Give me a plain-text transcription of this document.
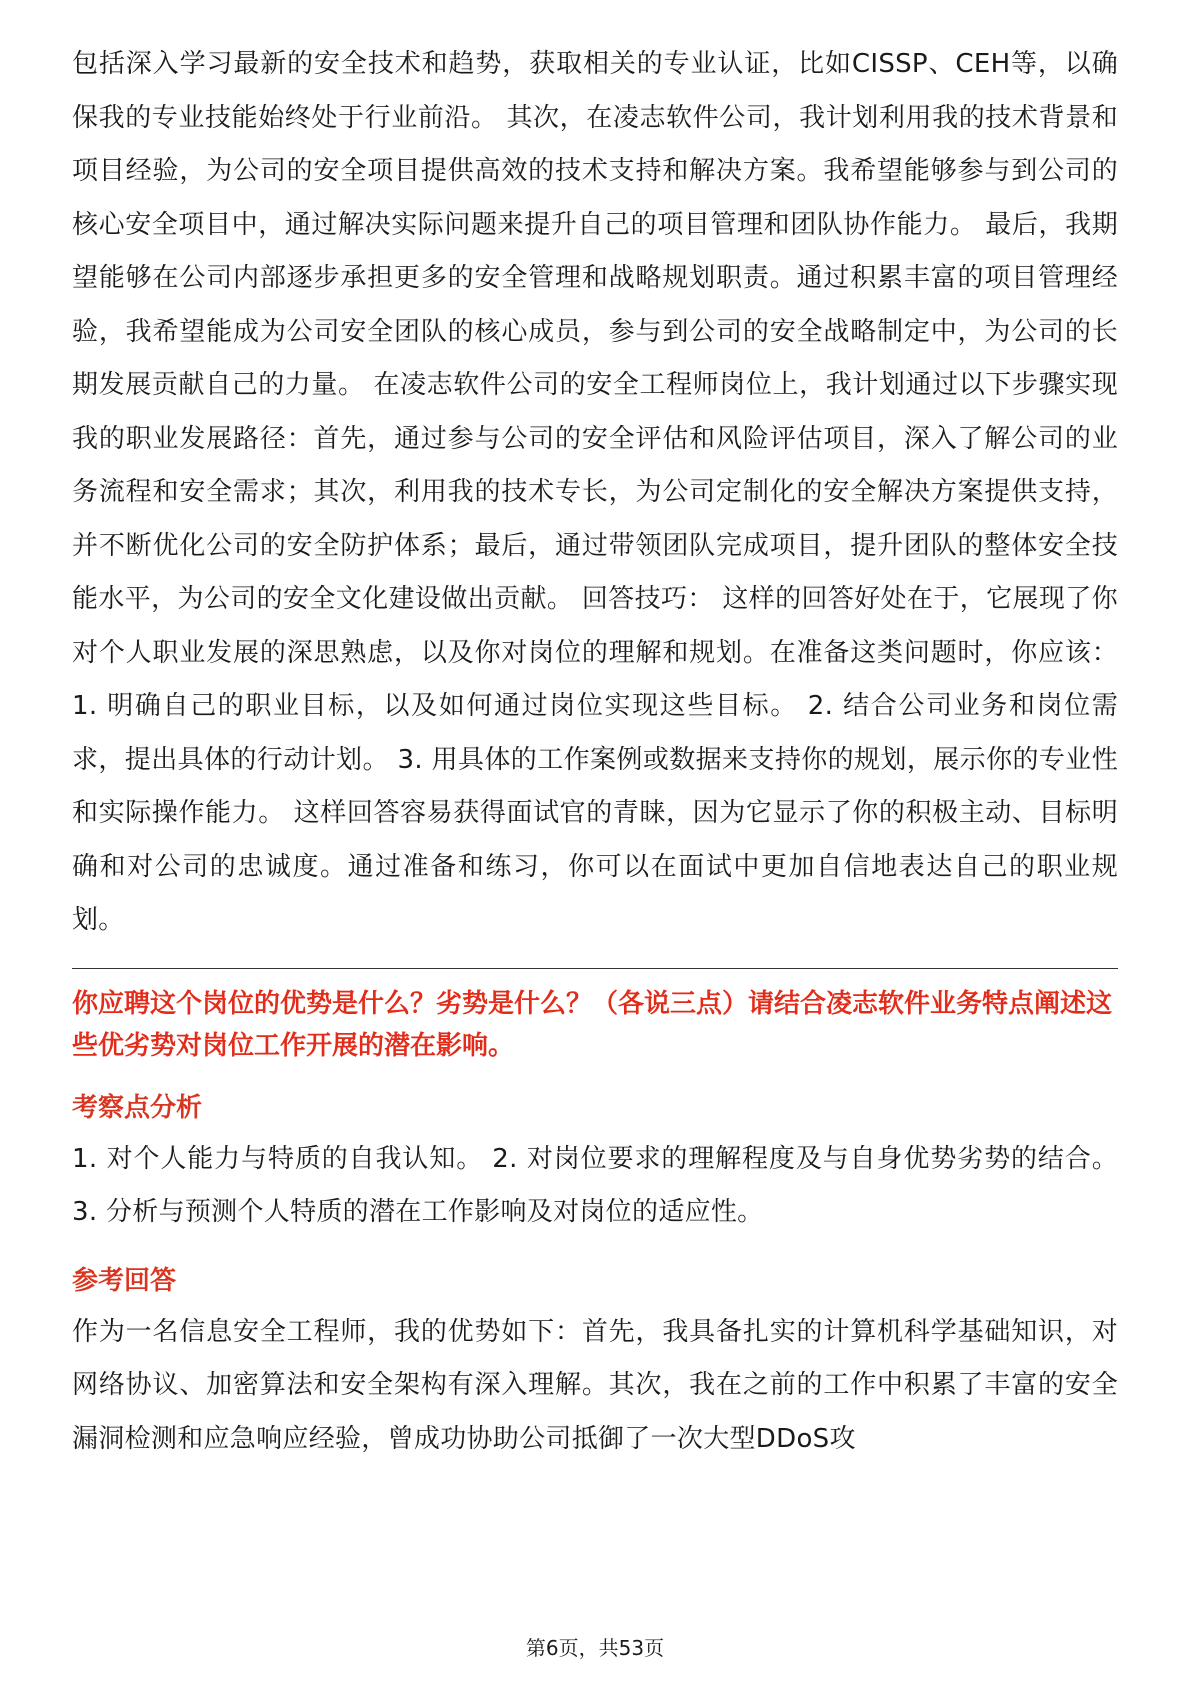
包括深入学习最新的安全技术和趋势，获取相关的专业认证，比如CISSP、CEH等，以确保我的专业技能始终处于行业前沿。 其次，在凌志软件公司，我计划利用我的技术背景和项目经验，为公司的安全项目提供高效的技术支持和解决方案。我希望能够参与到公司的核心安全项目中，通过解决实际问题来提升自己的项目管理和团队协作能力。 最后，我期望能够在公司内部逐步承担更多的安全管理和战略规划职责。通过积累丰富的项目管理经验，我希望能成为公司安全团队的核心成员，参与到公司的安全战略制定中，为公司的长期发展贡献自己的力量。 在凌志软件公司的安全工程师岗位上，我计划通过以下步骤实现我的职业发展路径：首先，通过参与公司的安全评估和风险评估项目，深入了解公司的业务流程和安全需求；其次，利用我的技术专长，为公司定制化的安全解决方案提供支持，并不断优化公司的安全防护体系；最后，通过带领团队完成项目，提升团队的整体安全技能水平，为公司的安全文化建设做出贡献。 回答技巧： 这样的回答好处在于，它展现了你对个人职业发展的深思熟虑，以及你对岗位的理解和规划。在准备这类问题时，你应该： 1. 明确自己的职业目标，以及如何通过岗位实现这些目标。 2. 结合公司业务和岗位需求，提出具体的行动计划。 3. 用具体的工作案例或数据来支持你的规划，展示你的专业性和实际操作能力。 这样回答容易获得面试官的青睐，因为它显示了你的积极主动、目标明确和对公司的忠诚度。通过准备和练习，你可以在面试中更加自信地表达自己的职业规划。

你应聘这个岗位的优势是什么？劣势是什么？（各说三点）请结合凌志软件业务特点阐述这些优劣势对岗位工作开展的潜在影响。

考察点分析

1. 对个人能力与特质的自我认知。 2. 对岗位要求的理解程度及与自身优势劣势的结合。 3. 分析与预测个人特质的潜在工作影响及对岗位的适应性。

参考回答

作为一名信息安全工程师，我的优势如下：首先，我具备扎实的计算机科学基础知识，对网络协议、加密算法和安全架构有深入理解。其次，我在之前的工作中积累了丰富的安全漏洞检测和应急响应经验，曾成功协助公司抵御了一次大型DDoS攻

第6页，共53页
